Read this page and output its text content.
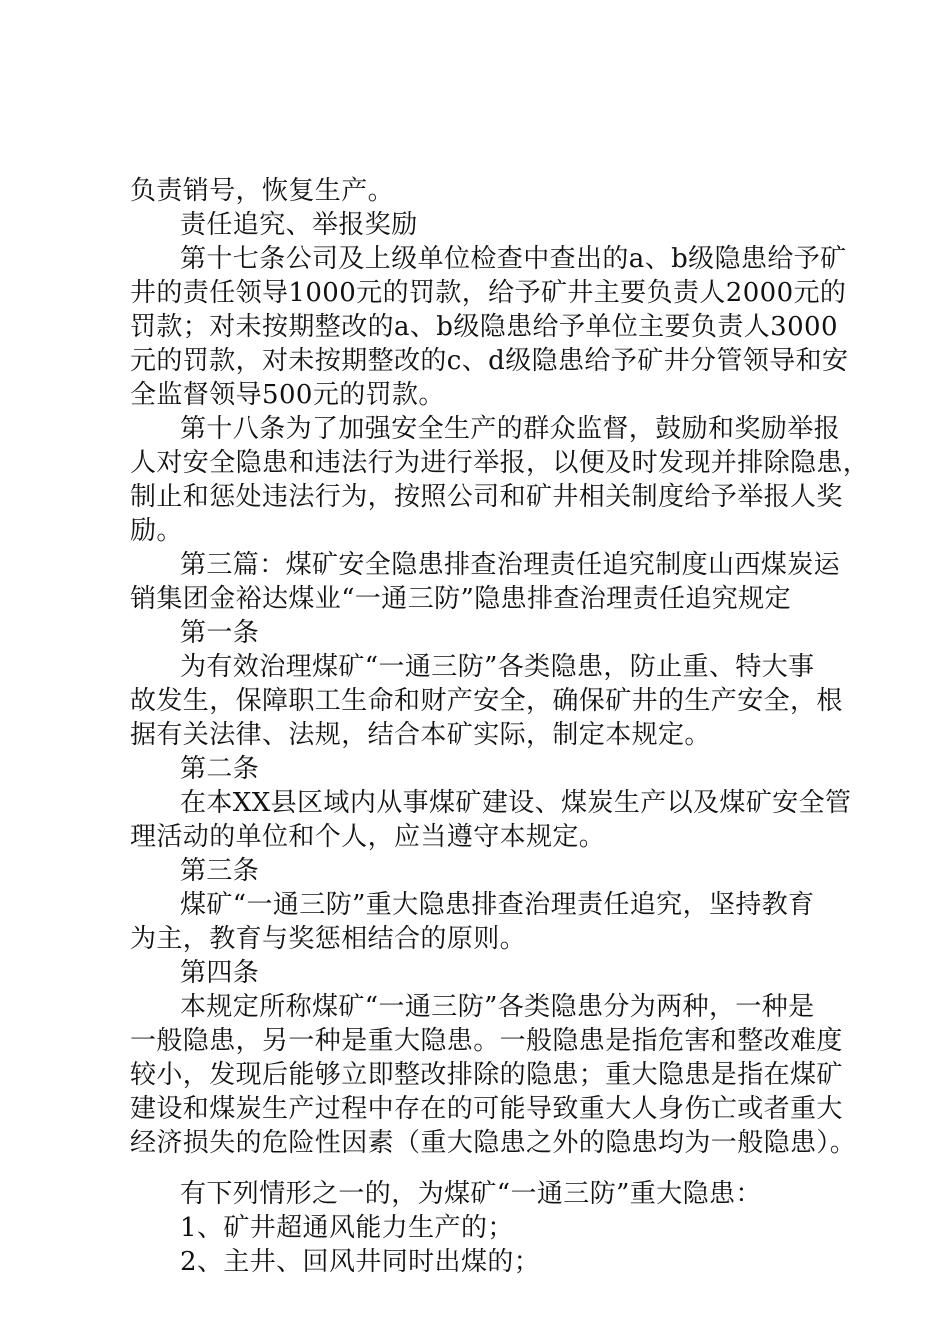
负责销号，恢复生产。
责任追究、举报奖励
第十七条公司及上级单位检查中查出的a、b级隐患给予矿
井的责任领导1000元的罚款，给予矿井主要负责人2000元的
罚款；对未按期整改的a、b级隐患给予单位主要负责人3000
元的罚款，对未按期整改的c、d级隐患给予矿井分管领导和安
全监督领导500元的罚款。
第十八条为了加强安全生产的群众监督，鼓励和奖励举报
人对安全隐患和违法行为进行举报，以便及时发现并排除隐患，
制止和惩处违法行为，按照公司和矿井相关制度给予举报人奖
励。
第三篇：煤矿安全隐患排查治理责任追究制度山西煤炭运
销集团金裕达煤业“一通三防”隐患排查治理责任追究规定
第一条
为有效治理煤矿“一通三防”各类隐患，防止重、特大事
故发生，保障职工生命和财产安全，确保矿井的生产安全，根
据有关法律、法规，结合本矿实际，制定本规定。
第二条
在本XX县区域内从事煤矿建设、煤炭生产以及煤矿安全管
理活动的单位和个人，应当遵守本规定。
第三条
煤矿“一通三防”重大隐患排查治理责任追究，坚持教育
为主，教育与奖惩相结合的原则。
第四条
本规定所称煤矿“一通三防”各类隐患分为两种，一种是
一般隐患，另一种是重大隐患。一般隐患是指危害和整改难度
较小，发现后能够立即整改排除的隐患；重大隐患是指在煤矿
建设和煤炭生产过程中存在的可能导致重大人身伤亡或者重大
经济损失的危险性因素（重大隐患之外的隐患均为一般隐患）。
有下列情形之一的，为煤矿“一通三防”重大隐患：
1、矿井超通风能力生产的；
2、主井、回风井同时出煤的；
